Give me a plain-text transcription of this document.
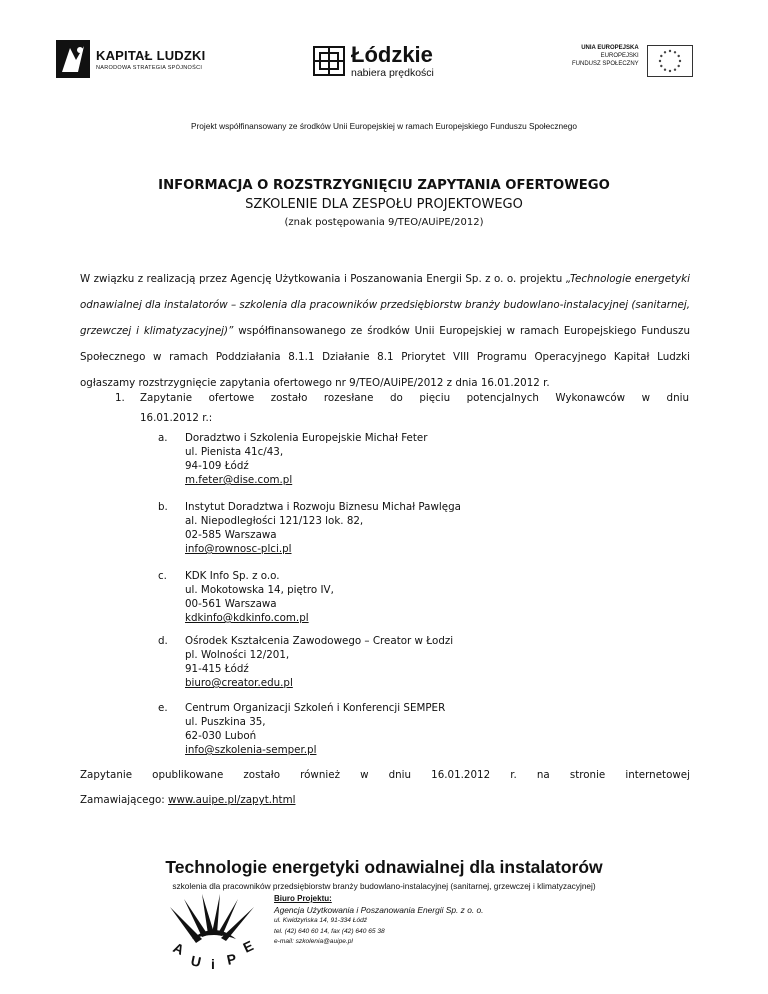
KAPITAŁ LUDZKI
NARODOWA STRATEGIA SPÓJNOŚCI
Łódzkie
nabiera prędkości
UNIA EUROPEJSKA
EUROPEJSKI
FUNDUSZ SPOŁECZNY
Projekt współfinansowany ze środków Unii Europejskiej w ramach Europejskiego Funduszu Społecznego
INFORMACJA O ROZSTRZYGNIĘCIU ZAPYTANIA OFERTOWEGO
SZKOLENIE DLA ZESPOŁU PROJEKTOWEGO
(znak postępowania 9/TEO/AUiPE/2012)
W związku z realizacją przez Agencję Użytkowania i Poszanowania Energii Sp. z o. o. projektu „Technologie energetyki odnawialnej dla instalatorów – szkolenia dla pracowników przedsiębiorstw branży budowlano-instalacyjnej (sanitarnej, grzewczej i klimatyzacyjnej)” współfinansowanego ze środków Unii Europejskiej w ramach Europejskiego Funduszu Społecznego w ramach Poddziałania 8.1.1 Działanie 8.1 Priorytet VIII Programu Operacyjnego Kapitał Ludzki ogłaszamy rozstrzygnięcie zapytania ofertowego nr 9/TEO/AUiPE/2012 z dnia 16.01.2012 r.
1. Zapytanie ofertowe zostało rozesłane do pięciu potencjalnych Wykonawców w dniu
16.01.2012 r.:
a. Doradztwo i Szkolenia Europejskie Michał Feter
ul. Pienista 41c/43,
94-109 Łódź
m.feter@dise.com.pl
b. Instytut Doradztwa i Rozwoju Biznesu Michał Pawlęga
al. Niepodległości 121/123 lok. 82,
02-585 Warszawa
info@rownosc-plci.pl
c. KDK Info Sp. z o.o.
ul. Mokotowska 14, piętro IV,
00-561 Warszawa
kdkinfo@kdkinfo.com.pl
d. Ośrodek Kształcenia Zawodowego – Creator w Łodzi
pl. Wolności 12/201,
91-415 Łódź
biuro@creator.edu.pl
e. Centrum Organizacji Szkoleń i Konferencji SEMPER
ul. Puszkina 35,
62-030 Luboń
info@szkolenia-semper.pl
Zapytanie opublikowane zostało również w dniu 16.01.2012 r. na stronie internetowej
Zamawiającego: www.auipe.pl/zapyt.html
Technologie energetyki odnawialnej dla instalatorów
szkolenia dla pracowników przedsiębiorstw branży budowlano-instalacyjnej (sanitarnej, grzewczej i klimatyzacyjnej)
A
U i P
E
Biuro Projektu:
Agencja Użytkowania i Poszanowania Energii Sp. z o. o.
ul. Kwidzyńska 14, 91-334 Łódź
tel. (42) 640 60 14, fax (42) 640 65 38
e-mail: szkolenia@auipe.pl
